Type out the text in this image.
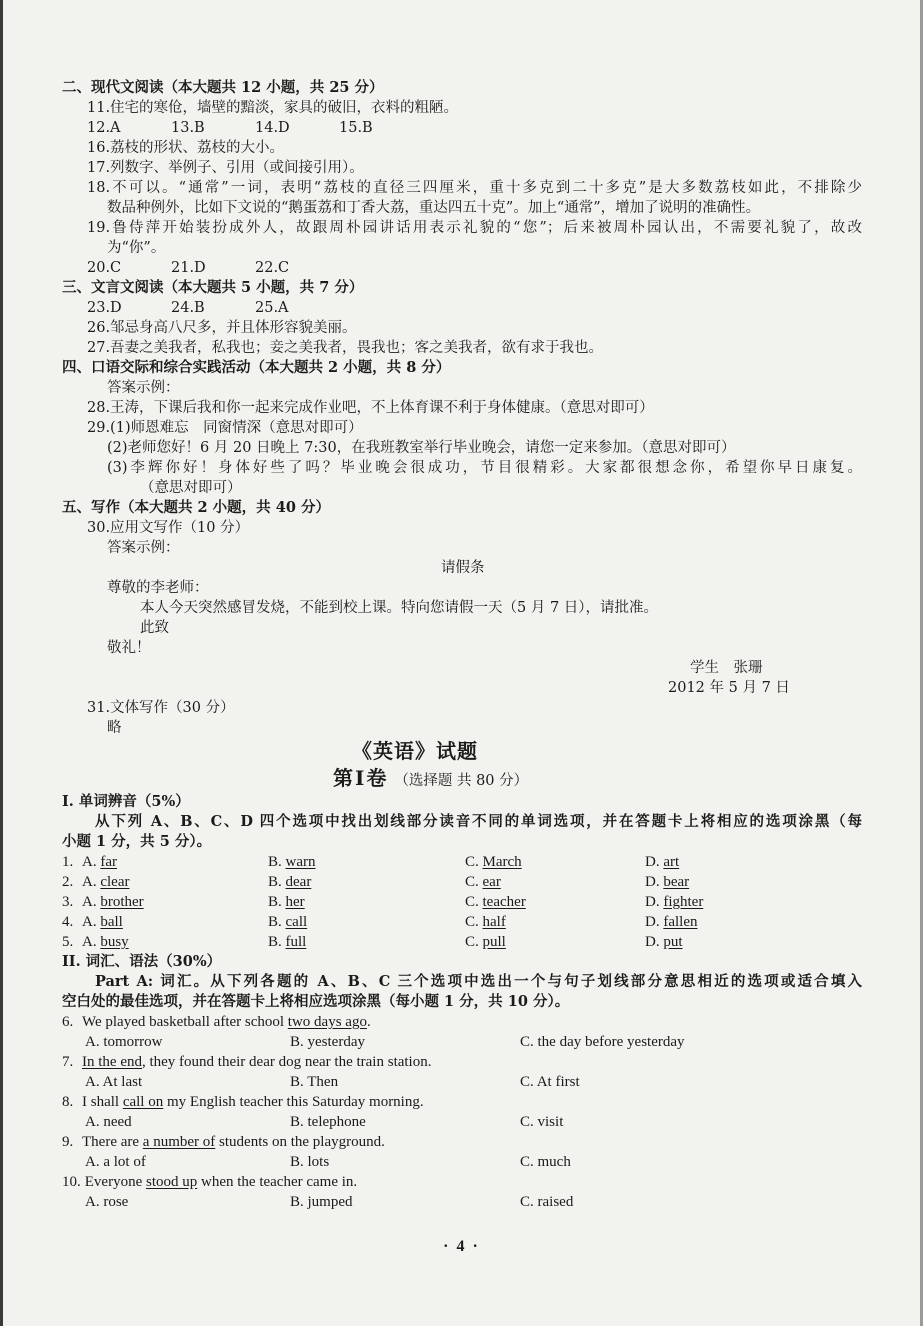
二、现代文阅读（本大题共 12 小题，共 25 分）
11.住宅的寒伧，墙壁的黯淡，家具的破旧，衣料的粗陋。
12.A	13.B	14.D	15.B
16.荔枝的形状、荔枝的大小。
17.列数字、举例子、引用（或间接引用）。
18.不可以。“通常”一词，表明“荔枝的直径三四厘米，重十多克到二十多克”是大多数荔枝如此，不排除少
数品种例外，比如下文说的“鹅蛋荔和丁香大荔，重达四五十克”。加上“通常”，增加了说明的准确性。
19.鲁侍萍开始装扮成外人，故跟周朴园讲话用表示礼貌的“您”；后来被周朴园认出，不需要礼貌了，故改
为“你”。
20.C	21.D	22.C
三、文言文阅读（本大题共 5 小题，共 7 分）
23.D	24.B	25.A
26.邹忌身高八尺多，并且体形容貌美丽。
27.吾妻之美我者，私我也；妾之美我者，畏我也；客之美我者，欲有求于我也。
四、口语交际和综合实践活动（本大题共 2 小题，共 8 分）
答案示例：
28.王涛，下课后我和你一起来完成作业吧，不上体育课不利于身体健康。（意思对即可）
29.(1)师恩难忘　同窗情深（意思对即可）
(2)老师您好！6 月 20 日晚上 7:30，在我班教室举行毕业晚会，请您一定来参加。（意思对即可）
(3)李辉你好！身体好些了吗？毕业晚会很成功，节目很精彩。大家都很想念你，希望你早日康复。
（意思对即可）
五、写作（本大题共 2 小题，共 40 分）
30.应用文写作（10 分）
答案示例：
请假条
尊敬的李老师：
本人今天突然感冒发烧，不能到校上课。特向您请假一天（5 月 7 日），请批准。
此致
敬礼！
学生　张珊
2012 年 5 月 7 日
31.文体写作（30 分）
略
《英语》试题
第Ⅰ卷 （选择题 共 80 分）
I. 单词辨音（5%）
从下列 A、B、C、D 四个选项中找出划线部分读音不同的单词选项，并在答题卡上将相应的选项涂黑（每
小题 1 分，共 5 分）。
1. A. far	B. warn	C. March	D. art
2. A. clear	B. dear	C. ear	D. bear
3. A. brother	B. her	C. teacher	D. fighter
4. A. ball	B. call	C. half	D. fallen
5. A. busy	B. full	C. pull	D. put
II. 词汇、语法（30%）
Part A: 词汇。从下列各题的 A、B、C 三个选项中选出一个与句子划线部分意思相近的选项或适合填入
空白处的最佳选项，并在答题卡上将相应选项涂黑（每小题 1 分，共 10 分）。
6. We played basketball after school two days ago.
A. tomorrow	B. yesterday	C. the day before yesterday
7. In the end, they found their dear dog near the train station.
A. At last	B. Then	C. At first
8. I shall call on my English teacher this Saturday morning.
A. need	B. telephone	C. visit
9. There are a number of students on the playground.
A. a lot of	B. lots	C. much
10. Everyone stood up when the teacher came in.
A. rose	B. jumped	C. raised
· 4 ·
